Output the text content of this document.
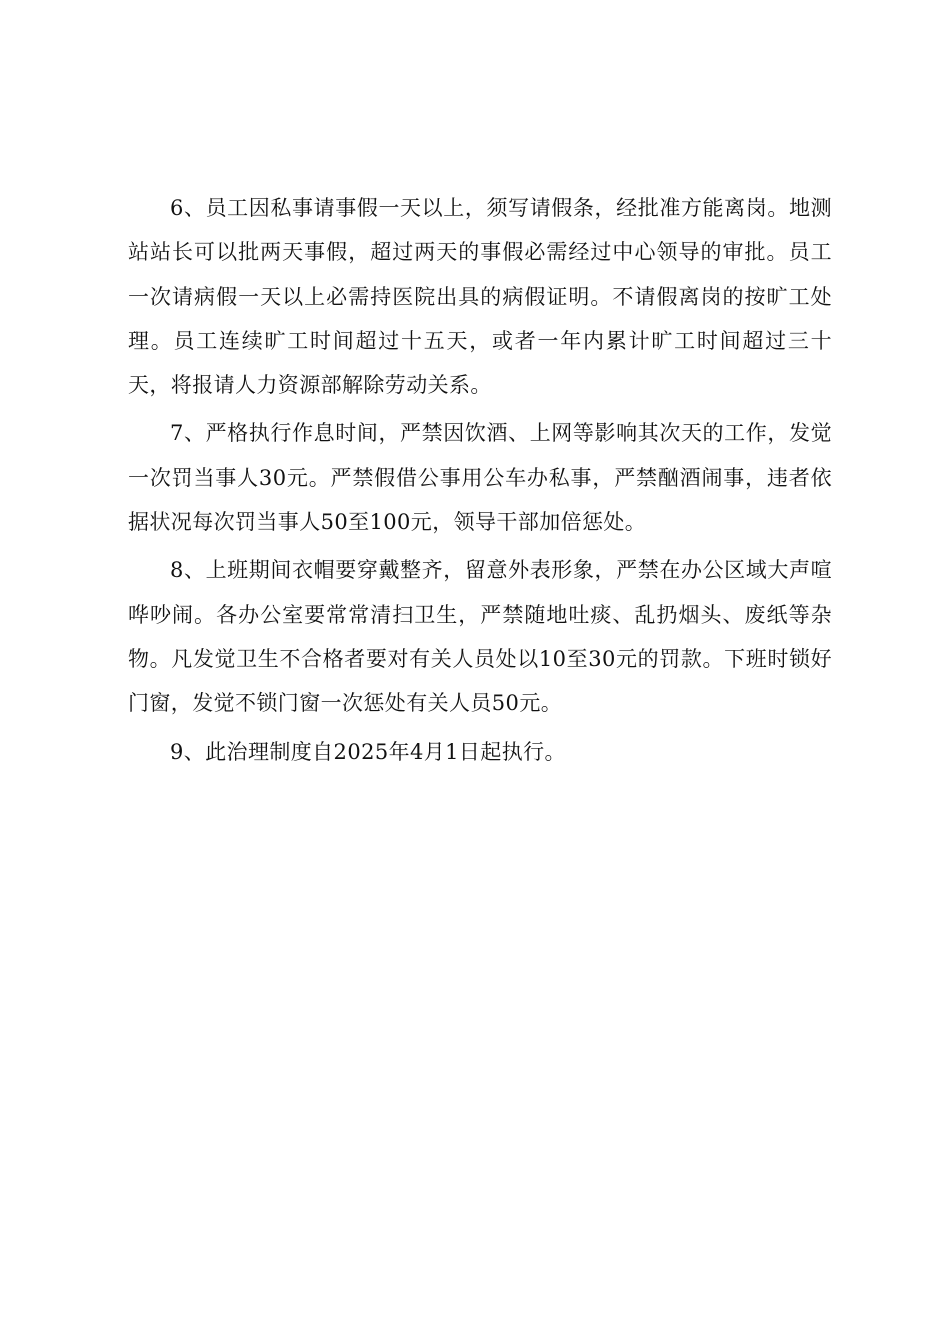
6、员工因私事请事假一天以上，须写请假条，经批准方能离岗。地测站站长可以批两天事假，超过两天的事假必需经过中心领导的审批。员工一次请病假一天以上必需持医院出具的病假证明。不请假离岗的按旷工处理。员工连续旷工时间超过十五天，或者一年内累计旷工时间超过三十天，将报请人力资源部解除劳动关系。

7、严格执行作息时间，严禁因饮酒、上网等影响其次天的工作，发觉一次罚当事人30元。严禁假借公事用公车办私事，严禁酗酒闹事，违者依据状况每次罚当事人50至100元，领导干部加倍惩处。

8、上班期间衣帽要穿戴整齐，留意外表形象，严禁在办公区域大声喧哗吵闹。各办公室要常常清扫卫生，严禁随地吐痰、乱扔烟头、废纸等杂物。凡发觉卫生不合格者要对有关人员处以10至30元的罚款。下班时锁好门窗，发觉不锁门窗一次惩处有关人员50元。

9、此治理制度自2025年4月1日起执行。
